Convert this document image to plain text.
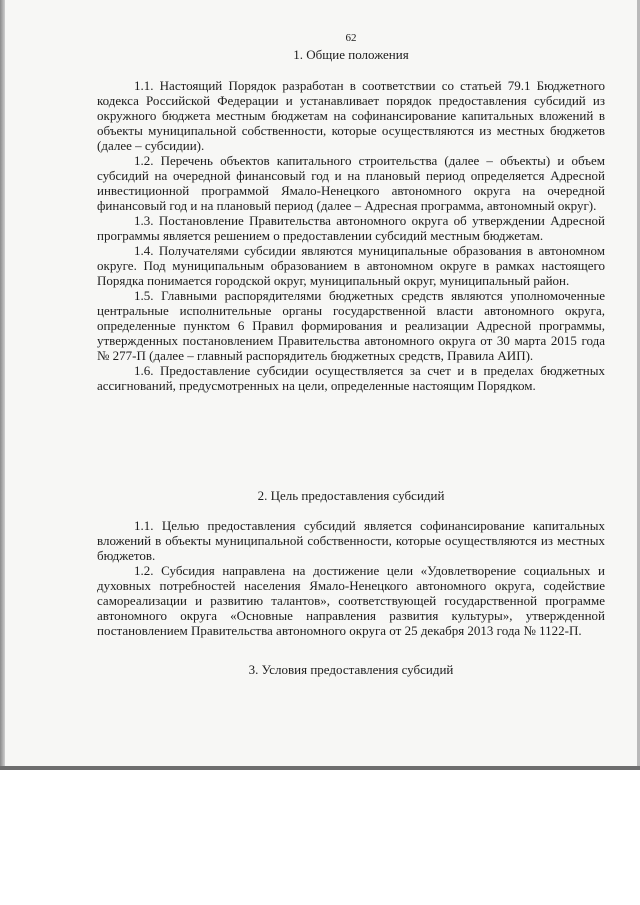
62
1. Общие положения

1.1. Настоящий Порядок разработан в соответствии со статьей 79.1 Бюджетного кодекса Российской Федерации и устанавливает порядок предоставления субсидий из окружного бюджета местным бюджетам на софинансирование капитальных вложений в объекты муниципальной собственности, которые осуществляются из местных бюджетов (далее – субсидии).

1.2. Перечень объектов капитального строительства (далее – объекты) и объем субсидий на очередной финансовый год и на плановый период определяется Адресной инвестиционной программой Ямало-Ненецкого автономного округа на очередной финансовый год и на плановый период (далее – Адресная программа, автономный округ).

1.3. Постановление Правительства автономного округа об утверждении Адресной программы является решением о предоставлении субсидий местным бюджетам.

1.4. Получателями субсидии являются муниципальные образования в автономном округе. Под муниципальным образованием в автономном округе в рамках настоящего Порядка понимается городской округ, муниципальный округ, муниципальный район.

1.5. Главными распорядителями бюджетных средств являются уполномоченные центральные исполнительные органы государственной власти автономного округа, определенные пунктом 6 Правил формирования и реализации Адресной программы, утвержденных постановлением Правительства автономного округа от 30 марта 2015 года № 277-П (далее – главный распорядитель бюджетных средств, Правила АИП).

1.6. Предоставление субсидии осуществляется за счет и в пределах бюджетных ассигнований, предусмотренных на цели, определенные настоящим Порядком.

2. Цель предоставления субсидий

1.1. Целью предоставления субсидий является софинансирование капитальных вложений в объекты муниципальной собственности, которые осуществляются из местных бюджетов.

1.2. Субсидия направлена на достижение цели «Удовлетворение социальных и духовных потребностей населения Ямало-Ненецкого автономного округа, содействие самореализации и развитию талантов», соответствующей государственной программе автономного округа «Основные направления развития культуры», утвержденной постановлением Правительства автономного округа от 25 декабря 2013 года № 1122-П.

3. Условия предоставления субсидий
